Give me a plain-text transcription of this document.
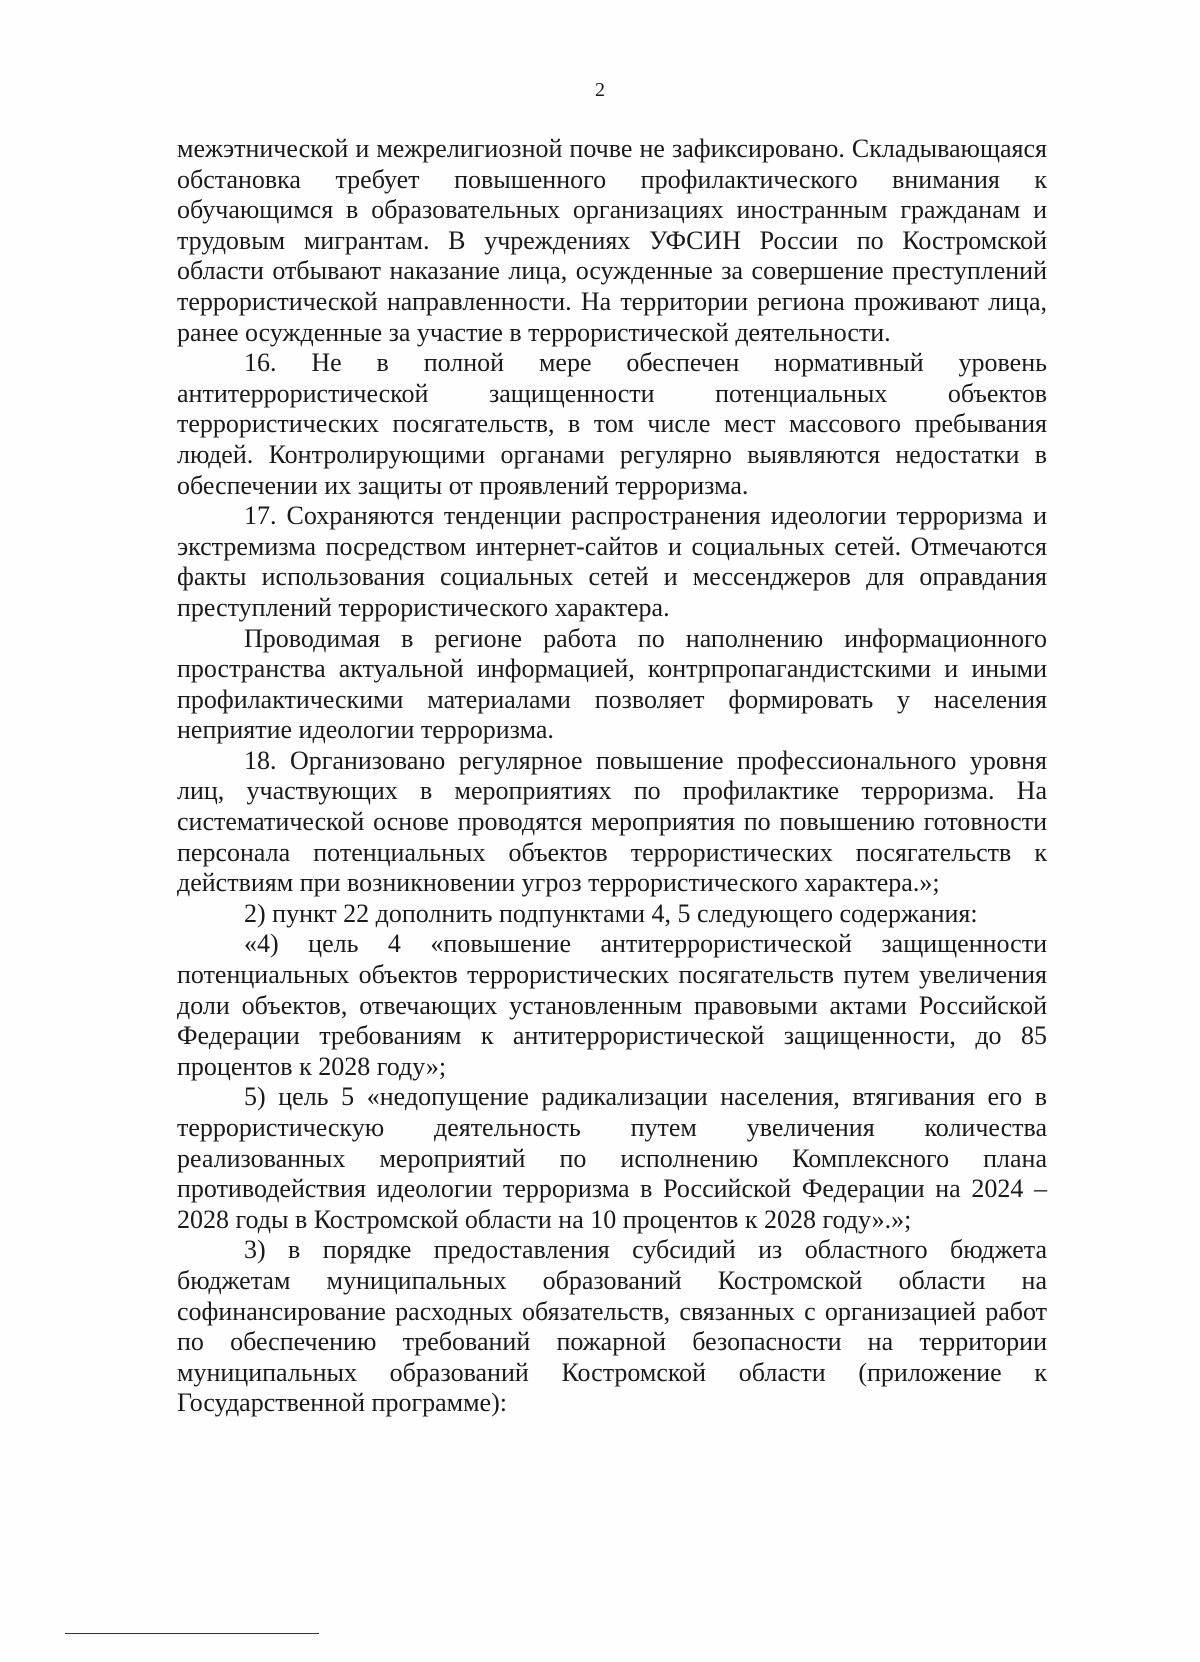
2

межэтнической и межрелигиозной почве не зафиксировано. Складывающаяся обстановка требует повышенного профилактического внимания к обучающимся в образовательных организациях иностранным гражданам и трудовым мигрантам. В учреждениях УФСИН России по Костромской области отбывают наказание лица, осужденные за совершение преступлений террористической направленности. На территории региона проживают лица, ранее осужденные за участие в террористической деятельности.

16. Не в полной мере обеспечен нормативный уровень антитеррористической защищенности потенциальных объектов террористических посягательств, в том числе мест массового пребывания людей. Контролирующими органами регулярно выявляются недостатки в обеспечении их защиты от проявлений терроризма.

17. Сохраняются тенденции распространения идеологии терроризма и экстремизма посредством интернет-сайтов и социальных сетей. Отмечаются факты использования социальных сетей и мессенджеров для оправдания преступлений террористического характера.

Проводимая в регионе работа по наполнению информационного пространства актуальной информацией, контрпропагандистскими и иными профилактическими материалами позволяет формировать у населения неприятие идеологии терроризма.

18. Организовано регулярное повышение профессионального уровня лиц, участвующих в мероприятиях по профилактике терроризма. На систематической основе проводятся мероприятия по повышению готовности персонала потенциальных объектов террористических посягательств к действиям при возникновении угроз террористического характера.»;

2) пункт 22 дополнить подпунктами 4, 5 следующего содержания:

«4) цель 4 «повышение антитеррористической защищенности потенциальных объектов террористических посягательств путем увеличения доли объектов, отвечающих установленным правовыми актами Российской Федерации требованиям к антитеррористической защищенности, до 85 процентов к 2028 году»;

5) цель 5 «недопущение радикализации населения, втягивания его в террористическую деятельность путем увеличения количества реализованных мероприятий по исполнению Комплексного плана противодействия идеологии терроризма в Российской Федерации на 2024 – 2028 годы в Костромской области на 10 процентов к 2028 году».»;

3) в порядке предоставления субсидий из областного бюджета бюджетам муниципальных образований Костромской области на софинансирование расходных обязательств, связанных с организацией работ по обеспечению требований пожарной безопасности на территории муниципальных образований Костромской области (приложение к Государственной программе):
